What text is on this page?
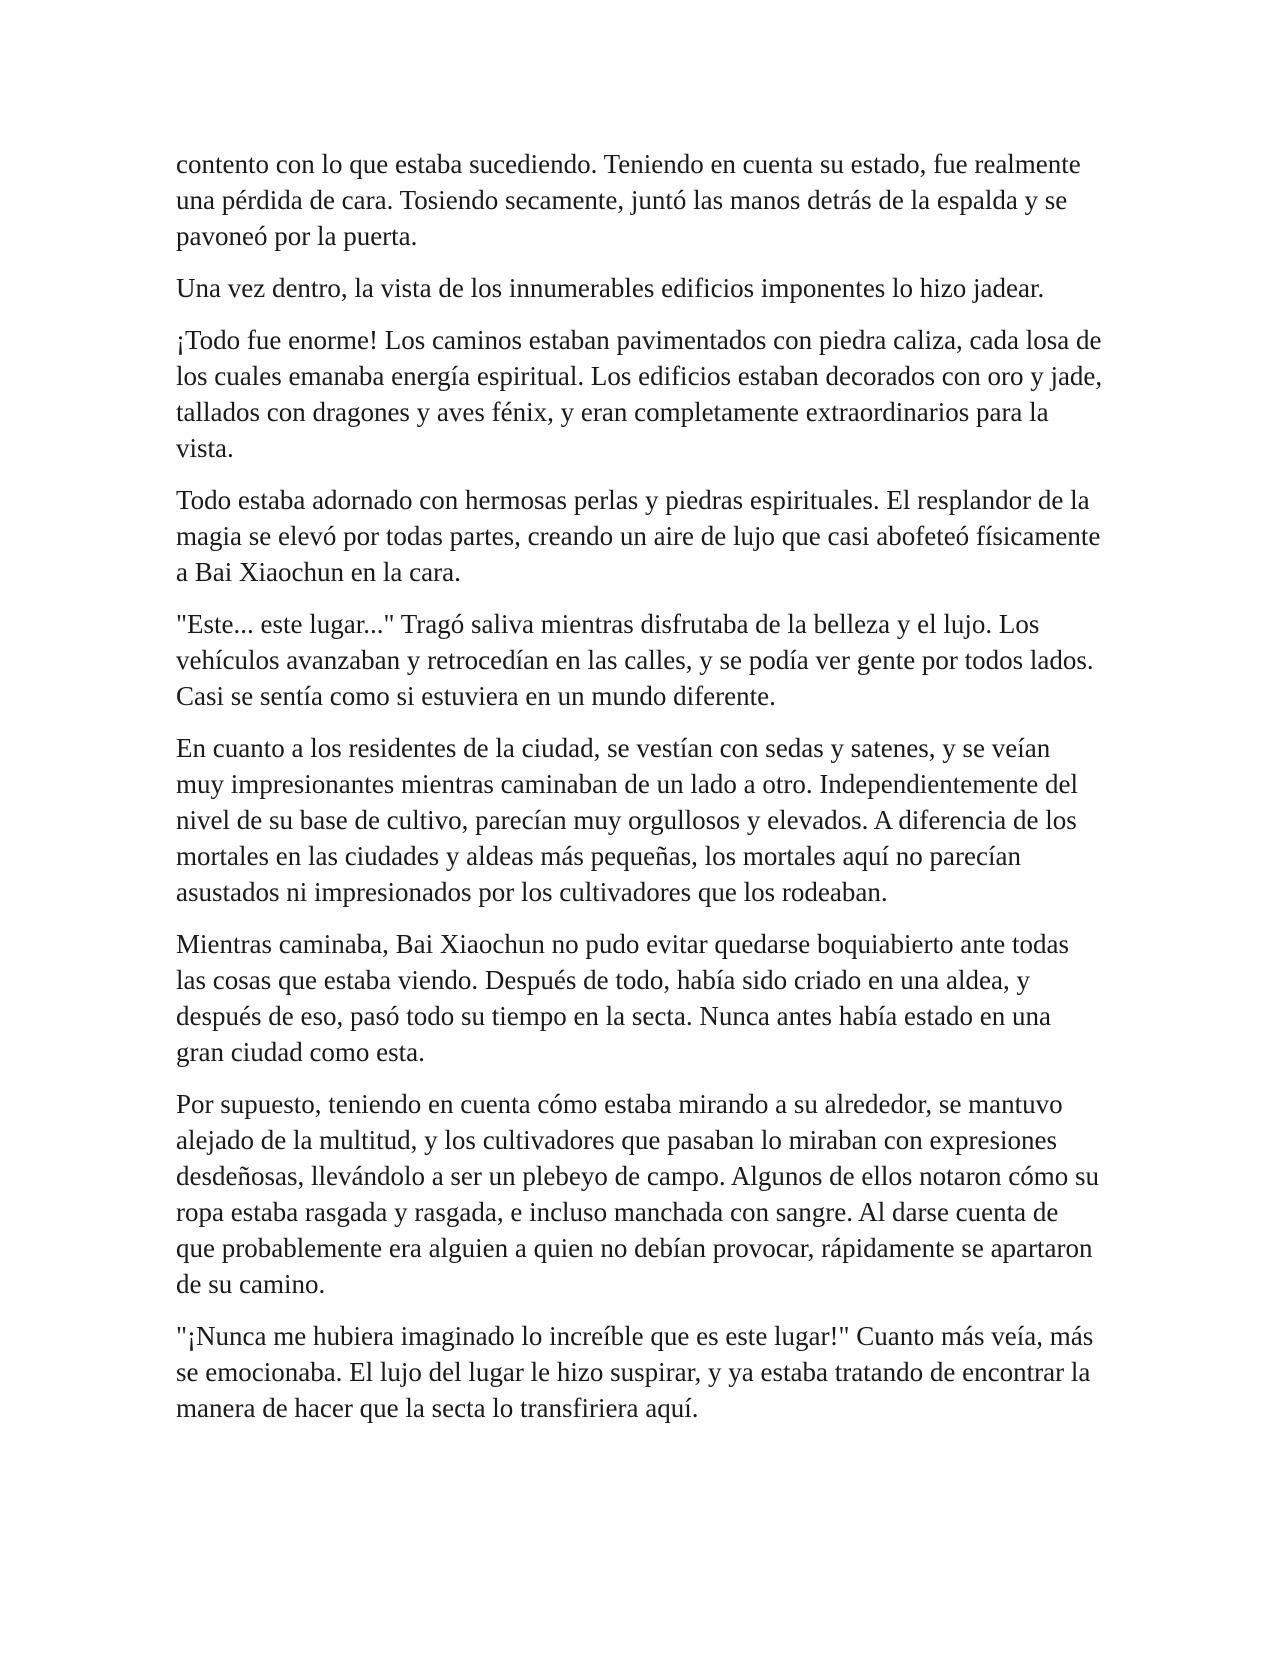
contento con lo que estaba sucediendo. Teniendo en cuenta su estado, fue realmente una pérdida de cara. Tosiendo secamente, juntó las manos detrás de la espalda y se pavoneó por la puerta.

Una vez dentro, la vista de los innumerables edificios imponentes lo hizo jadear.

¡Todo fue enorme! Los caminos estaban pavimentados con piedra caliza, cada losa de los cuales emanaba energía espiritual. Los edificios estaban decorados con oro y jade, tallados con dragones y aves fénix, y eran completamente extraordinarios para la vista.

Todo estaba adornado con hermosas perlas y piedras espirituales. El resplandor de la magia se elevó por todas partes, creando un aire de lujo que casi abofeteó físicamente a Bai Xiaochun en la cara.

"Este... este lugar..." Tragó saliva mientras disfrutaba de la belleza y el lujo. Los vehículos avanzaban y retrocedían en las calles, y se podía ver gente por todos lados. Casi se sentía como si estuviera en un mundo diferente.

En cuanto a los residentes de la ciudad, se vestían con sedas y satenes, y se veían muy impresionantes mientras caminaban de un lado a otro. Independientemente del nivel de su base de cultivo, parecían muy orgullosos y elevados. A diferencia de los mortales en las ciudades y aldeas más pequeñas, los mortales aquí no parecían asustados ni impresionados por los cultivadores que los rodeaban.

Mientras caminaba, Bai Xiaochun no pudo evitar quedarse boquiabierto ante todas las cosas que estaba viendo. Después de todo, había sido criado en una aldea, y después de eso, pasó todo su tiempo en la secta. Nunca antes había estado en una gran ciudad como esta.

Por supuesto, teniendo en cuenta cómo estaba mirando a su alrededor, se mantuvo alejado de la multitud, y los cultivadores que pasaban lo miraban con expresiones desdeñosas, llevándolo a ser un plebeyo de campo. Algunos de ellos notaron cómo su ropa estaba rasgada y rasgada, e incluso manchada con sangre. Al darse cuenta de que probablemente era alguien a quien no debían provocar, rápidamente se apartaron de su camino.

"¡Nunca me hubiera imaginado lo increíble que es este lugar!" Cuanto más veía, más se emocionaba. El lujo del lugar le hizo suspirar, y ya estaba tratando de encontrar la manera de hacer que la secta lo transfiriera aquí.
